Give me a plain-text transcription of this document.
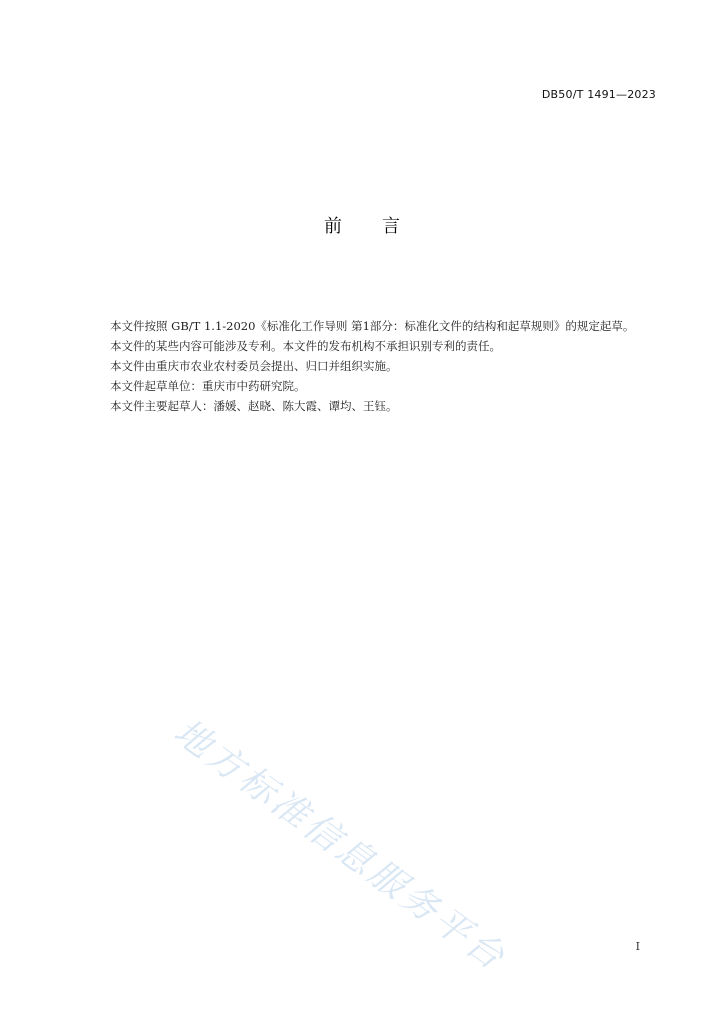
DB50/T 1491—2023
前言

本文件按照 GB/T 1.1-2020《标准化工作导则 第1部分：标准化文件的结构和起草规则》的规定起草。

本文件的某些内容可能涉及专利。本文件的发布机构不承担识别专利的责任。

本文件由重庆市农业农村委员会提出、归口并组织实施。

本文件起草单位：重庆市中药研究院。

本文件主要起草人：潘媛、赵晓、陈大霞、谭均、王钰。

地方标准信息服务平台	I
